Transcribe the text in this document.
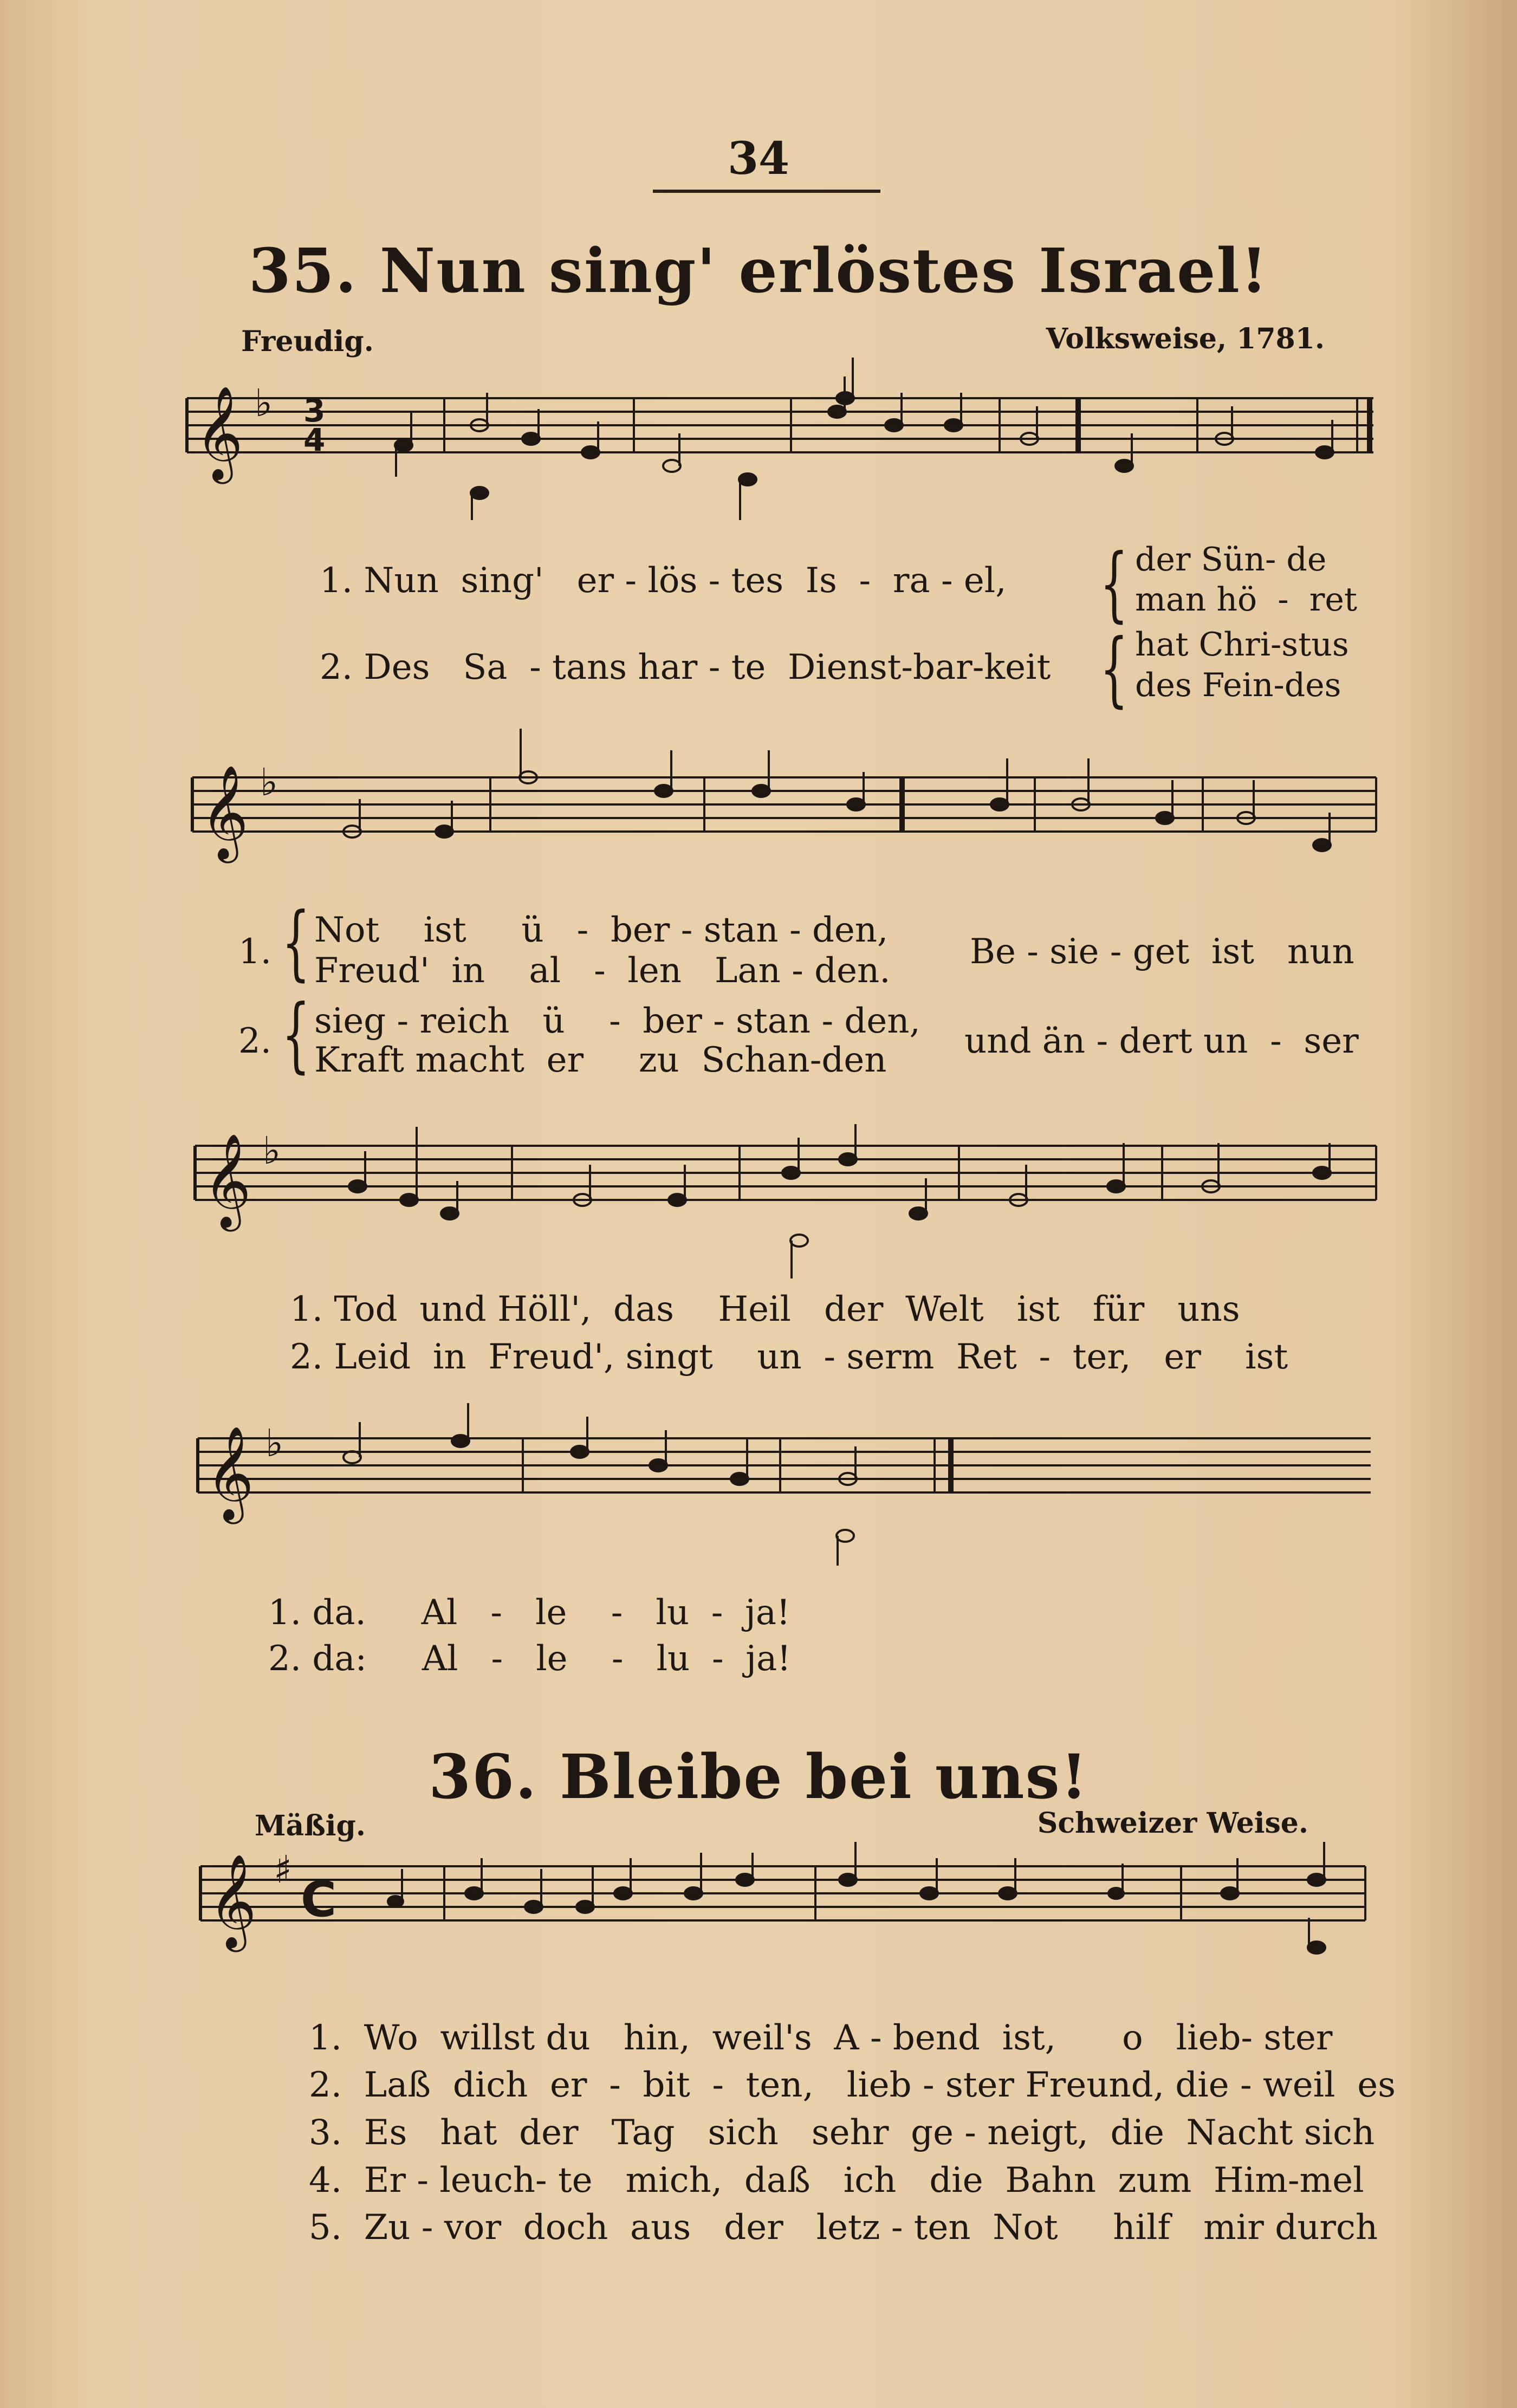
34
35. Nun sing' erlöstes Israel!
Freudig.	Volksweise, 1781.
𝄞
𝄞
𝄞
𝄞
𝄞
♭
♭
♭
♭
♯
3
4
C
1. Nun  sing'   er - lös - tes  Is  -  ra - el, { der Sün- de
man hö  -  ret
2. Des   Sa  - tans har - te  Dienst-bar-keit { hat Chri-stus
des Fein-des
1. { Not    ist     ü   -  ber - stan - den,
Freud'  in    al   -  len   Lan - den. Be - sie - get  ist   nun
2. { sieg - reich   ü    -  ber - stan - den,
Kraft macht  er     zu  Schan-den und än - dert un  -  ser
1. Tod  und Höll',  das    Heil   der  Welt   ist   für   uns
2. Leid  in  Freud', singt    un  - serm  Ret  -  ter,   er    ist
1. da.     Al   -   le    -   lu  -  ja!
2. da:     Al   -   le    -   lu  -  ja!
36. Bleibe bei uns!
Mäßig.	Schweizer Weise.
1.  Wo  willst du   hin,  weil's  A - bend  ist,      o   lieb- ster
2.  Laß  dich  er  -  bit  -  ten,   lieb - ster Freund, die - weil  es
3.  Es   hat  der   Tag   sich   sehr  ge - neigt,  die  Nacht sich
4.  Er - leuch- te   mich,  daß   ich   die  Bahn  zum  Him-mel
5.  Zu - vor  doch  aus   der   letz - ten  Not     hilf   mir durch
